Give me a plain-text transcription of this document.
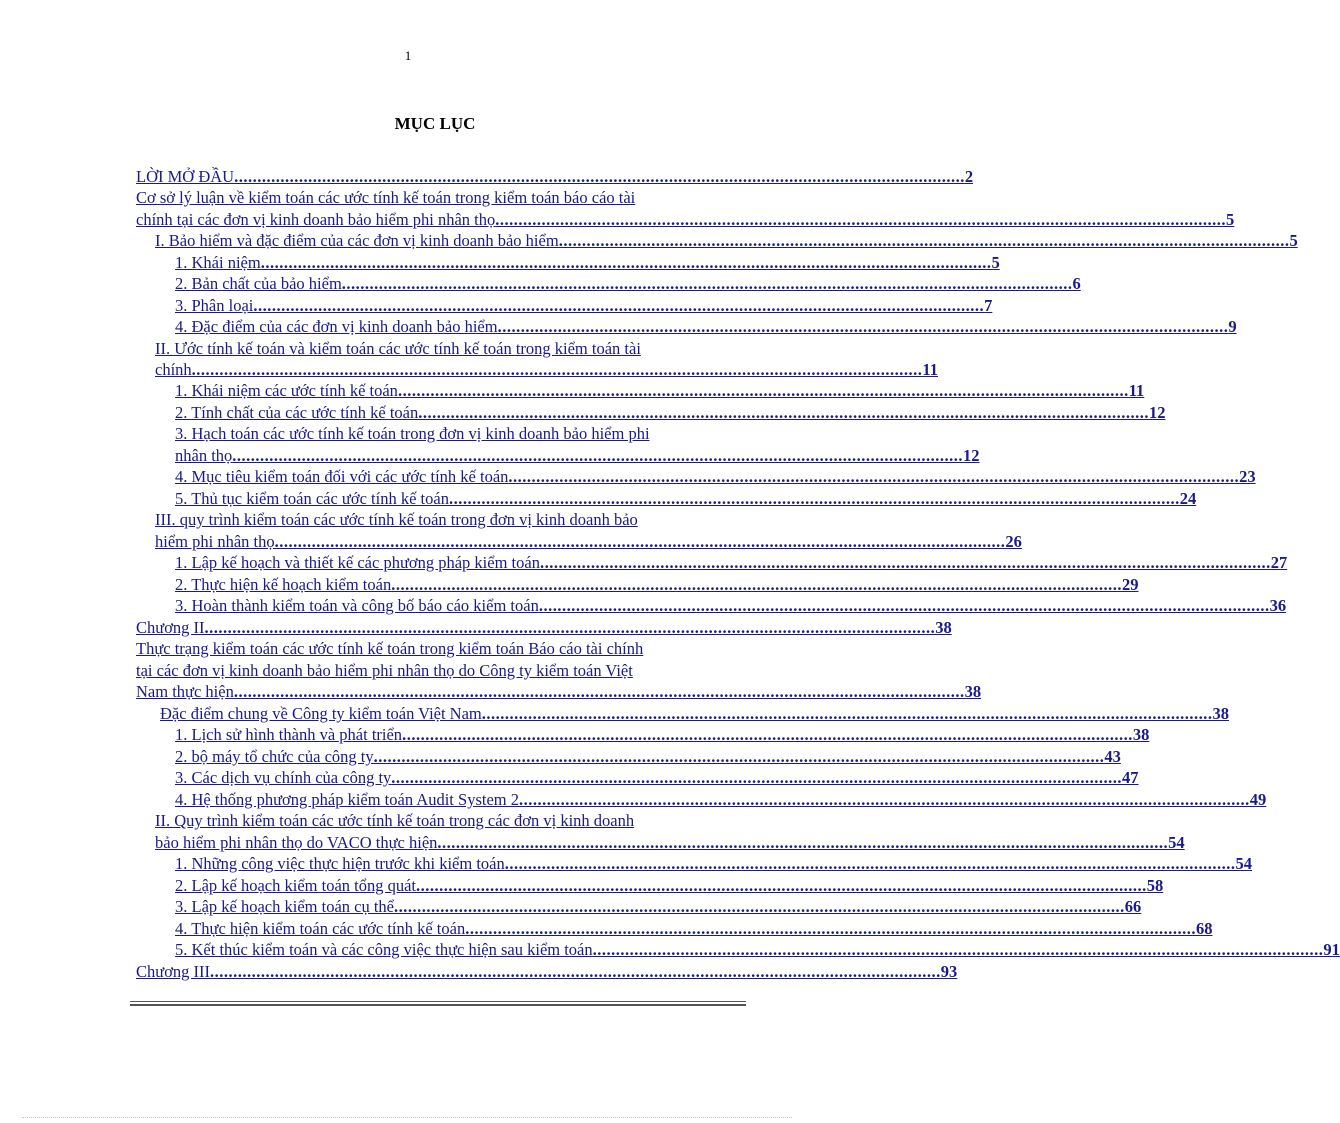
1
MỤC LỤC
LỜI MỞ ĐẦU .............................................................................................................................................................. 2
Cơ sở lý luận về kiểm toán các ước tính kế toán trong kiểm toán báo cáo tài
chính tại các đơn vị kinh doanh bảo hiểm phi nhân thọ .............................................................................................................................................................. 5
I. Bảo hiểm và đặc điểm của các đơn vị kinh doanh bảo hiểm .............................................................................................................................................................. 5
1. Khái niệm .............................................................................................................................................................. 5
2. Bản chất của bảo hiểm .............................................................................................................................................................. 6
3. Phân loại .............................................................................................................................................................. 7
4. Đặc điểm của các đơn vị kinh doanh bảo hiểm .............................................................................................................................................................. 9
II. Ước tính kế toán và kiểm toán các ước tính kế toán trong kiểm toán tài
chính .............................................................................................................................................................. 11
1. Khái niệm các ước tính kế toán .............................................................................................................................................................. 11
2. Tính chất của các ước tính kế toán .............................................................................................................................................................. 12
3. Hạch toán các ước tính kế toán trong đơn vị kinh doanh bảo hiểm phi
nhân thọ .............................................................................................................................................................. 12
4. Mục tiêu kiểm toán đối với các ước tính kế toán .............................................................................................................................................................. 23
5. Thủ tục kiểm toán các ước tính kế toán .............................................................................................................................................................. 24
III. quy trình kiểm toán các ước tính kế toán trong đơn vị kinh doanh bảo
hiểm phi nhân thọ .............................................................................................................................................................. 26
1. Lập kế hoạch và thiết kế các phương pháp kiểm toán .............................................................................................................................................................. 27
2. Thực hiện kế hoạch kiểm toán .............................................................................................................................................................. 29
3. Hoàn thành kiểm toán và công bố báo cáo kiểm toán .............................................................................................................................................................. 36
Chương II .............................................................................................................................................................. 38
Thực trạng kiểm toán các ước tính kế toán trong kiểm toán Báo cáo tài chính
tại các đơn vị kinh doanh bảo hiểm phi nhân thọ do Công ty kiểm toán Việt
Nam thực hiện .............................................................................................................................................................. 38
Đặc điểm chung về Công ty kiểm toán Việt Nam .............................................................................................................................................................. 38
1. Lịch sử hình thành và phát triển .............................................................................................................................................................. 38
2. bộ máy tổ chức của công ty .............................................................................................................................................................. 43
3. Các dịch vụ chính của công ty .............................................................................................................................................................. 47
4. Hệ thống phương pháp kiểm toán Audit System 2 .............................................................................................................................................................. 49
II. Quy trình kiểm toán các ước tính kế toán trong các đơn vị kinh doanh
bảo hiểm phi nhân thọ do VACO thực hiện .............................................................................................................................................................. 54
1. Những công việc thực hiện trước khi kiểm toán .............................................................................................................................................................. 54
2. Lập kế hoạch kiểm toán tổng quát .............................................................................................................................................................. 58
3. Lập kế hoạch kiểm toán cụ thể .............................................................................................................................................................. 66
4. Thực hiện kiểm toán các ước tính kế toán .............................................................................................................................................................. 68
5. Kết thúc kiểm toán và các công việc thực hiện sau kiểm toán .............................................................................................................................................................. 91
Chương III .............................................................................................................................................................. 93
